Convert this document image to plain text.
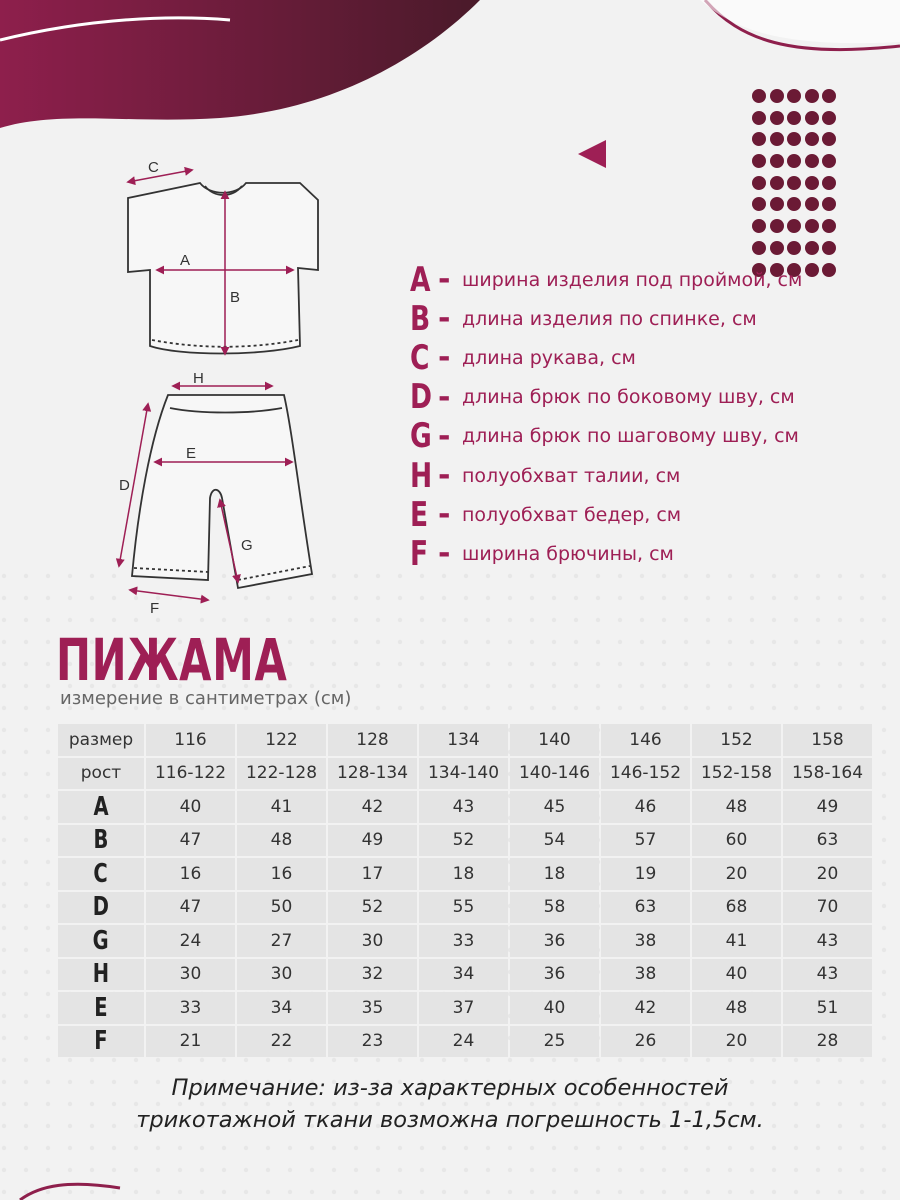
C
A
B
H
E
D
G
F
A - ширина изделия под проймой, см
B - длина изделия по спинке, см
C - длина рукава, см
D - длина брюк по боковому шву, см
G - длина брюк по шаговому шву, см
H - полуобхват талии, см
E - полуобхват бедер, см
F - ширина брючины, см
ПИЖАМА
измерение в сантиметрах (см)
размер	116	122	128	134	140	146	152	158
рост	116-122	122-128	128-134	134-140	140-146	146-152	152-158	158-164
A	40	41	42	43	45	46	48	49
B	47	48	49	52	54	57	60	63
C	16	16	17	18	18	19	20	20
D	47	50	52	55	58	63	68	70
G	24	27	30	33	36	38	41	43
H	30	30	32	34	36	38	40	43
E	33	34	35	37	40	42	48	51
F	21	22	23	24	25	26	20	28
Примечание: из-за характерных особенностей
трикотажной ткани возможна погрешность 1-1,5см.
